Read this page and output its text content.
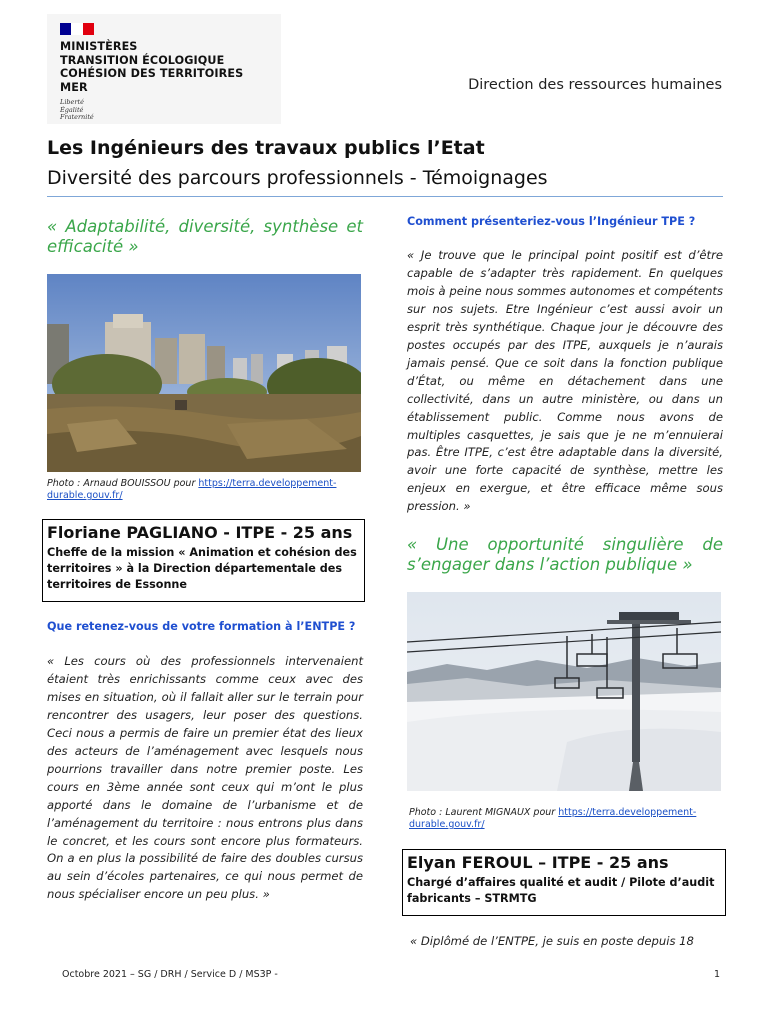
MINISTÈRES
TRANSITION ÉCOLOGIQUE
COHÉSION DES TERRITOIRES
MER
Liberté
Égalité
Fraternité
Direction des ressources humaines
Les Ingénieurs des travaux publics l’Etat
Diversité des parcours professionnels - Témoignages
« Adaptabilité, diversité, synthèse et efficacité »
Photo : Arnaud BOUISSOU pour https://terra.developpement-durable.gouv.fr/
Floriane PAGLIANO - ITPE - 25 ans
Cheffe de la mission « Animation et cohésion des territoires » à la Direction départementale des territoires de Essonne
Que retenez-vous de votre formation à l’ENTPE ?
« Les cours où des professionnels intervenaient étaient très enrichissants comme ceux avec des mises en situation, où il fallait aller sur le terrain pour rencontrer des usagers, leur poser des questions. Ceci nous a permis de faire un premier état des lieux des acteurs de l’aménagement avec lesquels nous pourrions travailler dans notre premier poste. Les cours en 3ème année sont ceux qui m’ont le plus apporté dans le domaine de l’urbanisme et de l’aménagement du territoire : nous entrons plus dans le concret, et les cours sont encore plus formateurs. On a en plus la possibilité de faire des doubles cursus au sein d’écoles partenaires, ce qui nous permet de nous spécialiser encore un peu plus. »
Comment présenteriez-vous l’Ingénieur TPE ?
« Je trouve que le principal point positif est d’être capable de s’adapter très rapidement. En quelques mois à peine nous sommes autonomes et compétents sur nos sujets. Etre Ingénieur c’est aussi avoir un esprit très synthétique. Chaque jour je découvre des postes occupés par des ITPE, auxquels je n’aurais jamais pensé. Que ce soit dans la fonction publique d’État, ou même en détachement dans une collectivité, dans un autre ministère, ou dans un établissement public. Comme nous avons de multiples casquettes, je sais que je ne m’ennuierai pas. Être ITPE, c’est être adaptable dans la diversité, avoir une forte capacité de synthèse, mettre les enjeux en exergue, et être efficace même sous pression. »
« Une opportunité singulière de s’engager dans l’action publique »
Photo : Laurent MIGNAUX pour https://terra.developpement-durable.gouv.fr/
Elyan FEROUL – ITPE - 25 ans
Chargé d’affaires qualité et audit / Pilote d’audit fabricants – STRMTG
« Diplômé de l’ENTPE, je suis en poste depuis 18
Octobre 2021 – SG / DRH / Service D / MS3P -	1
